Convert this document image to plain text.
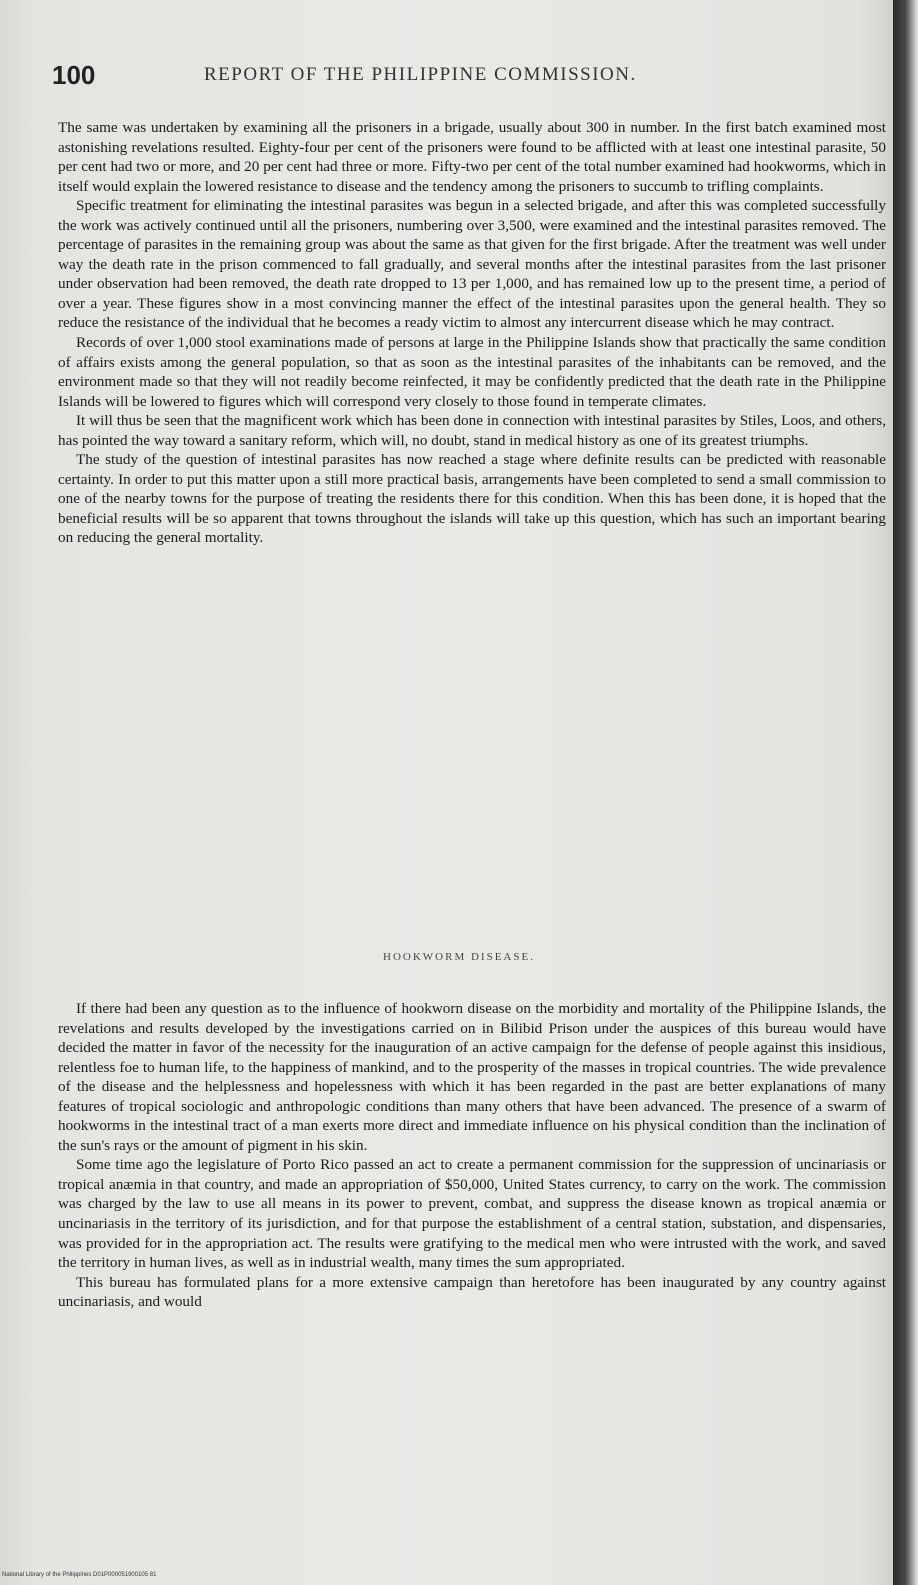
100	REPORT OF THE PHILIPPINE COMMISSION.

The same was undertaken by examining all the prisoners in a brigade, usually about 300 in number. In the first batch examined most astonishing revelations resulted. Eighty-four per cent of the prisoners were found to be afflicted with at least one intestinal parasite, 50 per cent had two or more, and 20 per cent had three or more. Fifty-two per cent of the total number examined had hookworms, which in itself would explain the lowered resistance to disease and the tendency among the prisoners to succumb to trifling complaints.

Specific treatment for eliminating the intestinal parasites was begun in a selected brigade, and after this was completed successfully the work was actively continued until all the prisoners, numbering over 3,500, were examined and the intestinal parasites removed. The percentage of parasites in the remaining group was about the same as that given for the first brigade. After the treatment was well under way the death rate in the prison commenced to fall gradually, and several months after the intestinal parasites from the last prisoner under observation had been removed, the death rate dropped to 13 per 1,000, and has remained low up to the present time, a period of over a year. These figures show in a most convincing manner the effect of the intestinal parasites upon the general health. They so reduce the resistance of the individual that he becomes a ready victim to almost any intercurrent disease which he may contract.

Records of over 1,000 stool examinations made of persons at large in the Philippine Islands show that practically the same condition of affairs exists among the general population, so that as soon as the intestinal parasites of the inhabitants can be removed, and the environment made so that they will not readily become reinfected, it may be confidently predicted that the death rate in the Philippine Islands will be lowered to figures which will correspond very closely to those found in temperate climates.

It will thus be seen that the magnificent work which has been done in connection with intestinal parasites by Stiles, Loos, and others, has pointed the way toward a sanitary reform, which will, no doubt, stand in medical history as one of its greatest triumphs.

The study of the question of intestinal parasites has now reached a stage where definite results can be predicted with reasonable certainty. In order to put this matter upon a still more practical basis, arrangements have been completed to send a small commission to one of the nearby towns for the purpose of treating the residents there for this condition. When this has been done, it is hoped that the beneficial results will be so apparent that towns throughout the islands will take up this question, which has such an important bearing on reducing the general mortality.

HOOKWORM DISEASE.

If there had been any question as to the influence of hookworn disease on the morbidity and mortality of the Philippine Islands, the revelations and results developed by the investigations carried on in Bilibid Prison under the auspices of this bureau would have decided the matter in favor of the necessity for the inauguration of an active campaign for the defense of people against this insidious, relentless foe to human life, to the happiness of mankind, and to the prosperity of the masses in tropical countries. The wide prevalence of the disease and the helplessness and hopelessness with which it has been regarded in the past are better explanations of many features of tropical sociologic and anthropologic conditions than many others that have been advanced. The presence of a swarm of hookworms in the intestinal tract of a man exerts more direct and immediate influence on his physical condition than the inclination of the sun's rays or the amount of pigment in his skin.

Some time ago the legislature of Porto Rico passed an act to create a permanent commission for the suppression of uncinariasis or tropical anæmia in that country, and made an appropriation of $50,000, United States currency, to carry on the work. The commission was charged by the law to use all means in its power to prevent, combat, and suppress the disease known as tropical anæmia or uncinariasis in the territory of its jurisdiction, and for that purpose the establishment of a central station, substation, and dispensaries, was provided for in the appropriation act. The results were gratifying to the medical men who were intrusted with the work, and saved the territory in human lives, as well as in industrial wealth, many times the sum appropriated.

This bureau has formulated plans for a more extensive campaign than heretofore has been inaugurated by any country against uncinariasis, and would

National Library of the Philippines D01P000051900105 81
